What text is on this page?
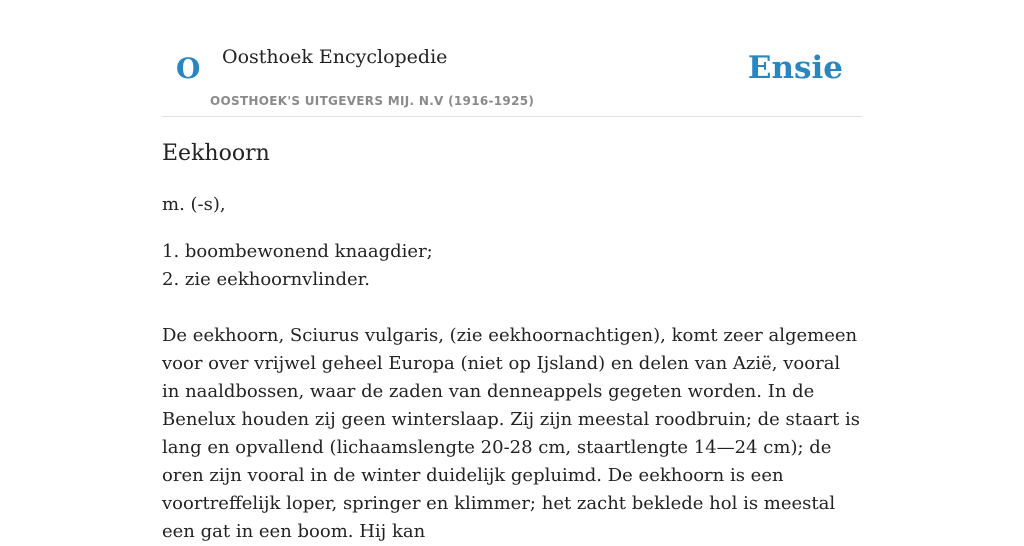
O Oosthoek Encyclopedie
OOSTHOEK'S UITGEVERS MIJ. N.V (1916-1925)
Ensie
Eekhoorn

m. (-s),

1. boombewonend knaagdier;
2. zie eekhoornvlinder.

De eekhoorn, Sciurus vulgaris, (zie eekhoornachtigen), komt zeer algemeen voor over vrijwel geheel Europa (niet op Ijsland) en delen van Azië, vooral in naaldbossen, waar de zaden van denneappels gegeten worden. In de Benelux houden zij geen winterslaap. Zij zijn meestal roodbruin; de staart is lang en opvallend (lichaamslengte 20-28 cm, staartlengte 14—24 cm); de oren zijn vooral in de winter duidelijk gepluimd. De eekhoorn is een voortreffelijk loper, springer en klimmer; het zacht beklede hol is meestal een gat in een boom. Hij kan
